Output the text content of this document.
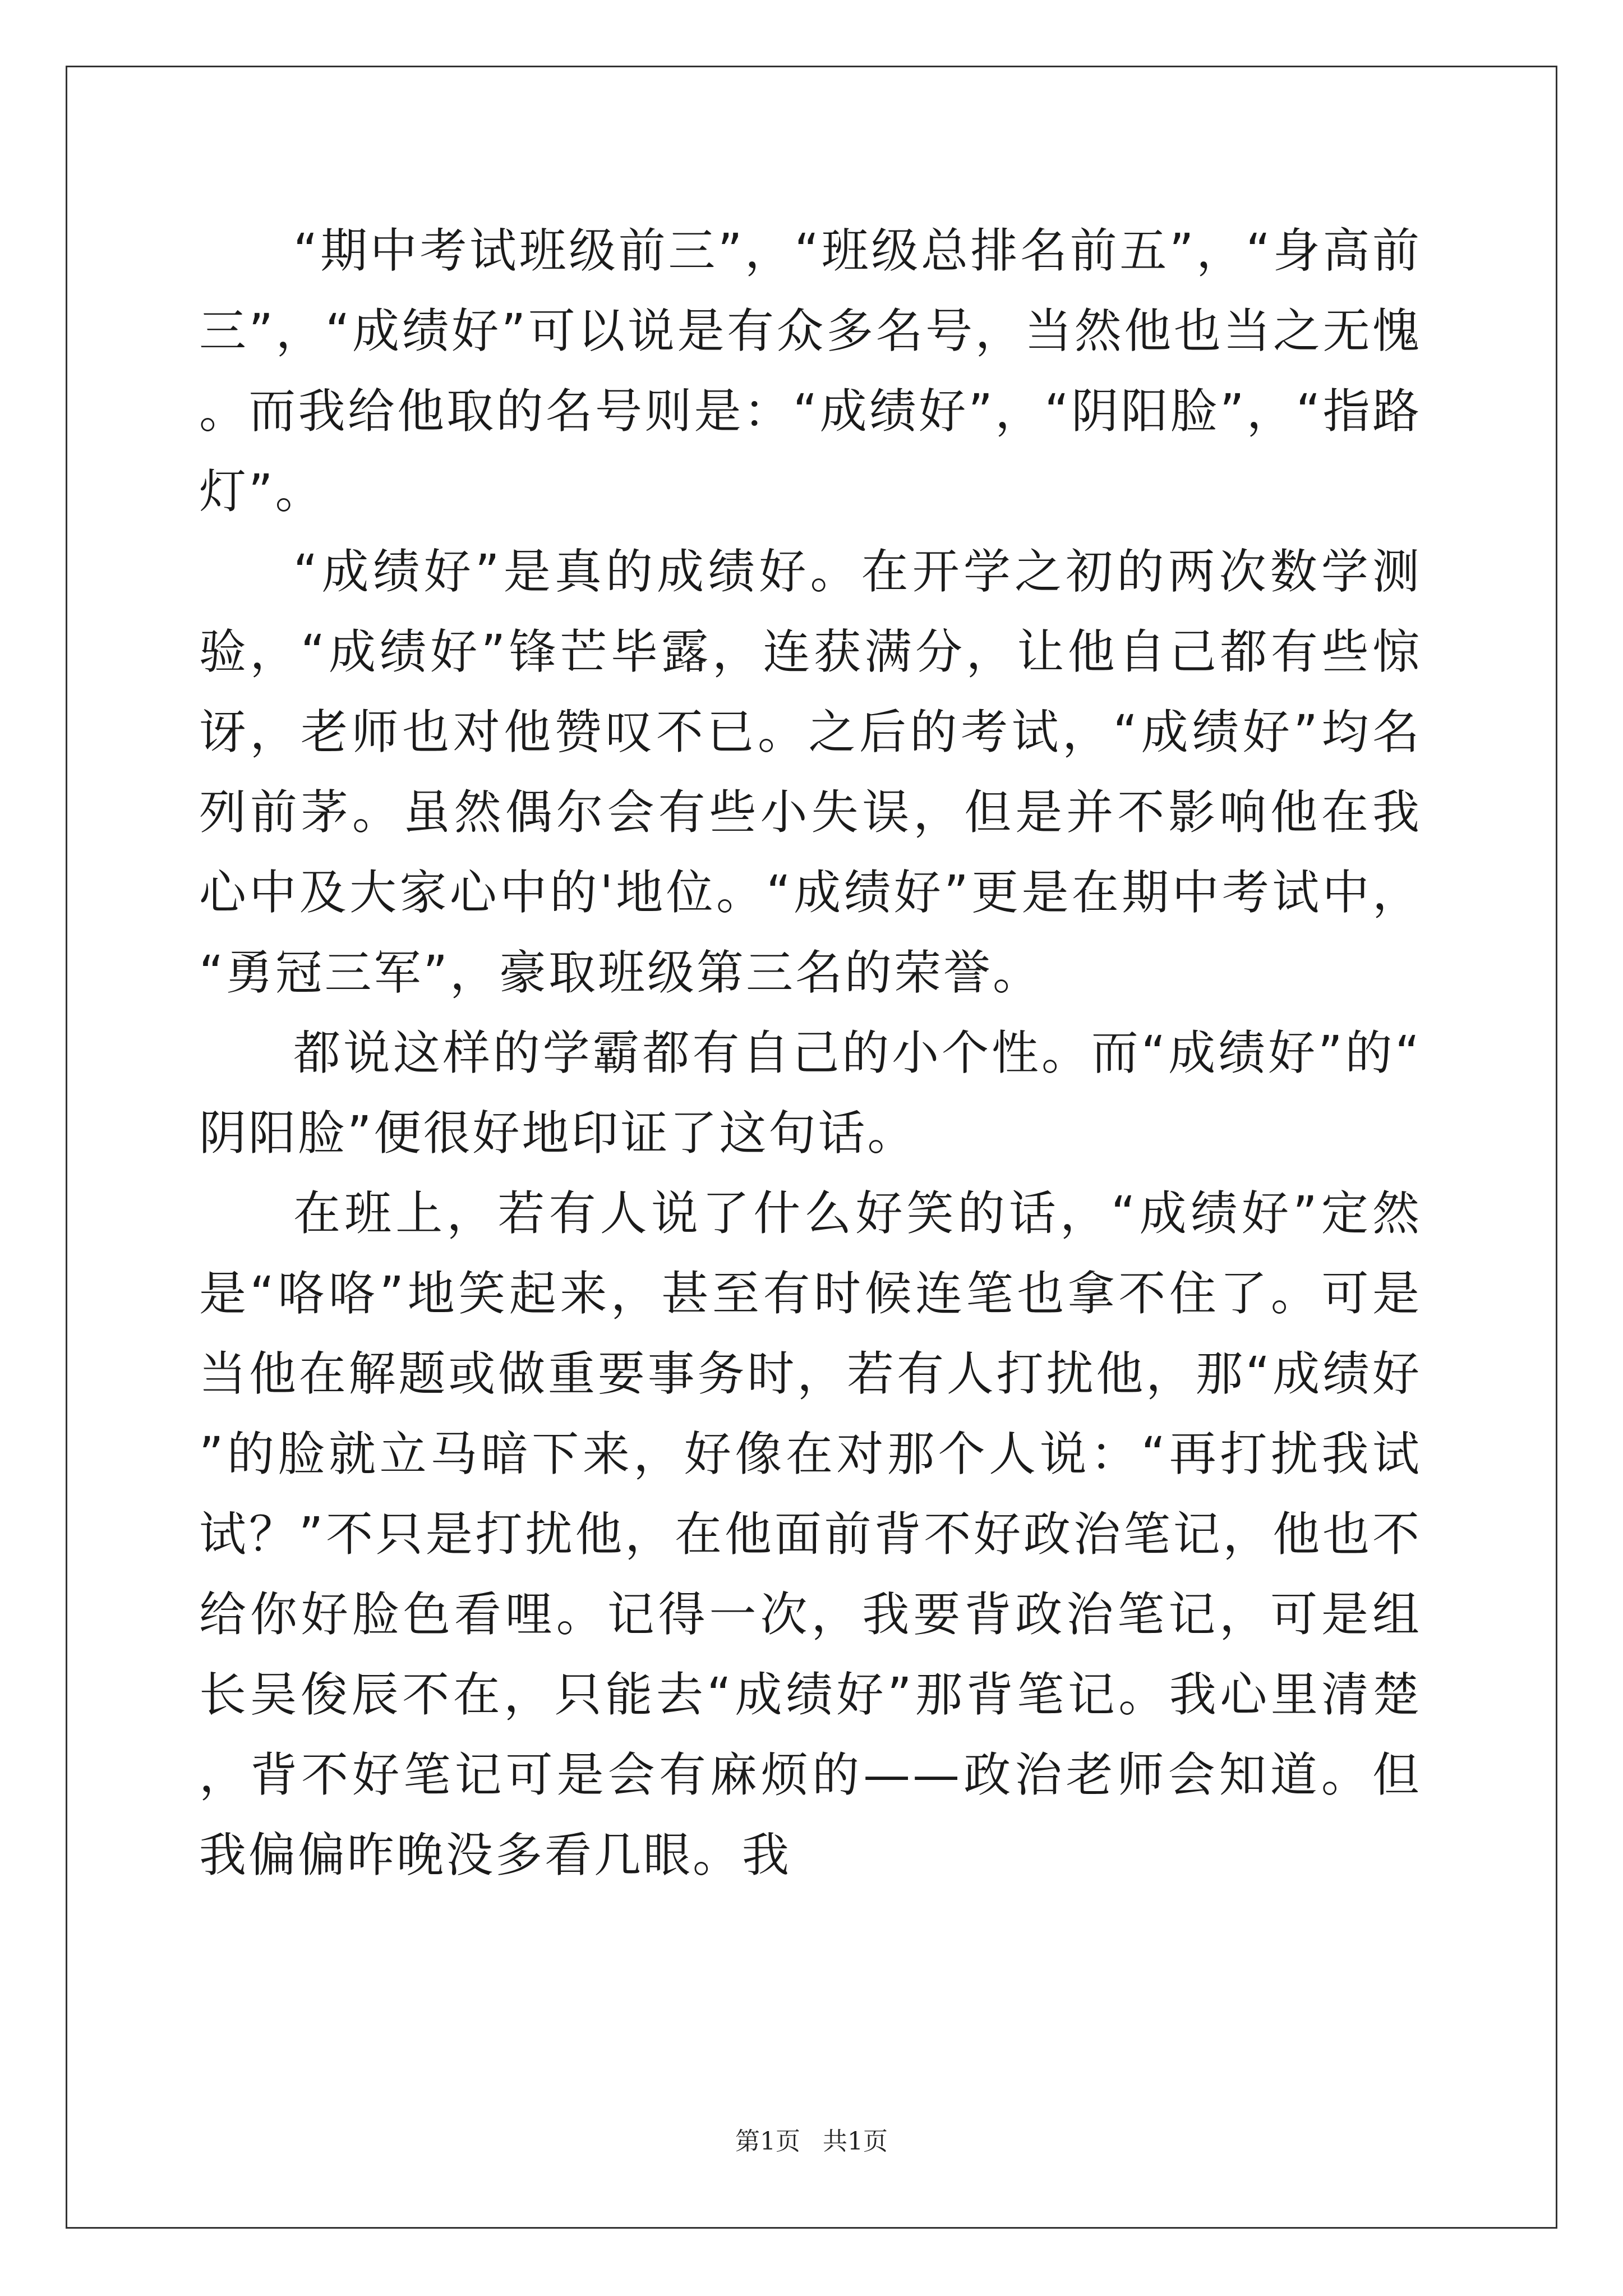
“期中考试班级前三”，“班级总排名前五”，“身高前三”，“成绩好”可以说是有众多名号，当然他也当之无愧。而我给他取的名号则是：“成绩好”，“阴阳脸”，“指路灯”。

“成绩好”是真的成绩好。在开学之初的两次数学测验，“成绩好”锋芒毕露，连获满分，让他自己都有些惊讶，老师也对他赞叹不已。之后的考试，“成绩好”均名列前茅。虽然偶尔会有些小失误，但是并不影响他在我心中及大家心中的'地位。“成绩好”更是在期中考试中，“勇冠三军”，豪取班级第三名的荣誉。

都说这样的学霸都有自己的小个性。而“成绩好”的“阴阳脸”便很好地印证了这句话。

在班上，若有人说了什么好笑的话，“成绩好”定然是“咯咯”地笑起来，甚至有时候连笔也拿不住了。可是当他在解题或做重要事务时，若有人打扰他，那“成绩好”的脸就立马暗下来，好像在对那个人说：“再打扰我试试？”不只是打扰他，在他面前背不好政治笔记，他也不给你好脸色看哩。记得一次，我要背政治笔记，可是组长吴俊辰不在，只能去“成绩好”那背笔记。我心里清楚，背不好笔记可是会有麻烦的——政治老师会知道。但我偏偏昨晚没多看几眼。我

第1页 共1页
